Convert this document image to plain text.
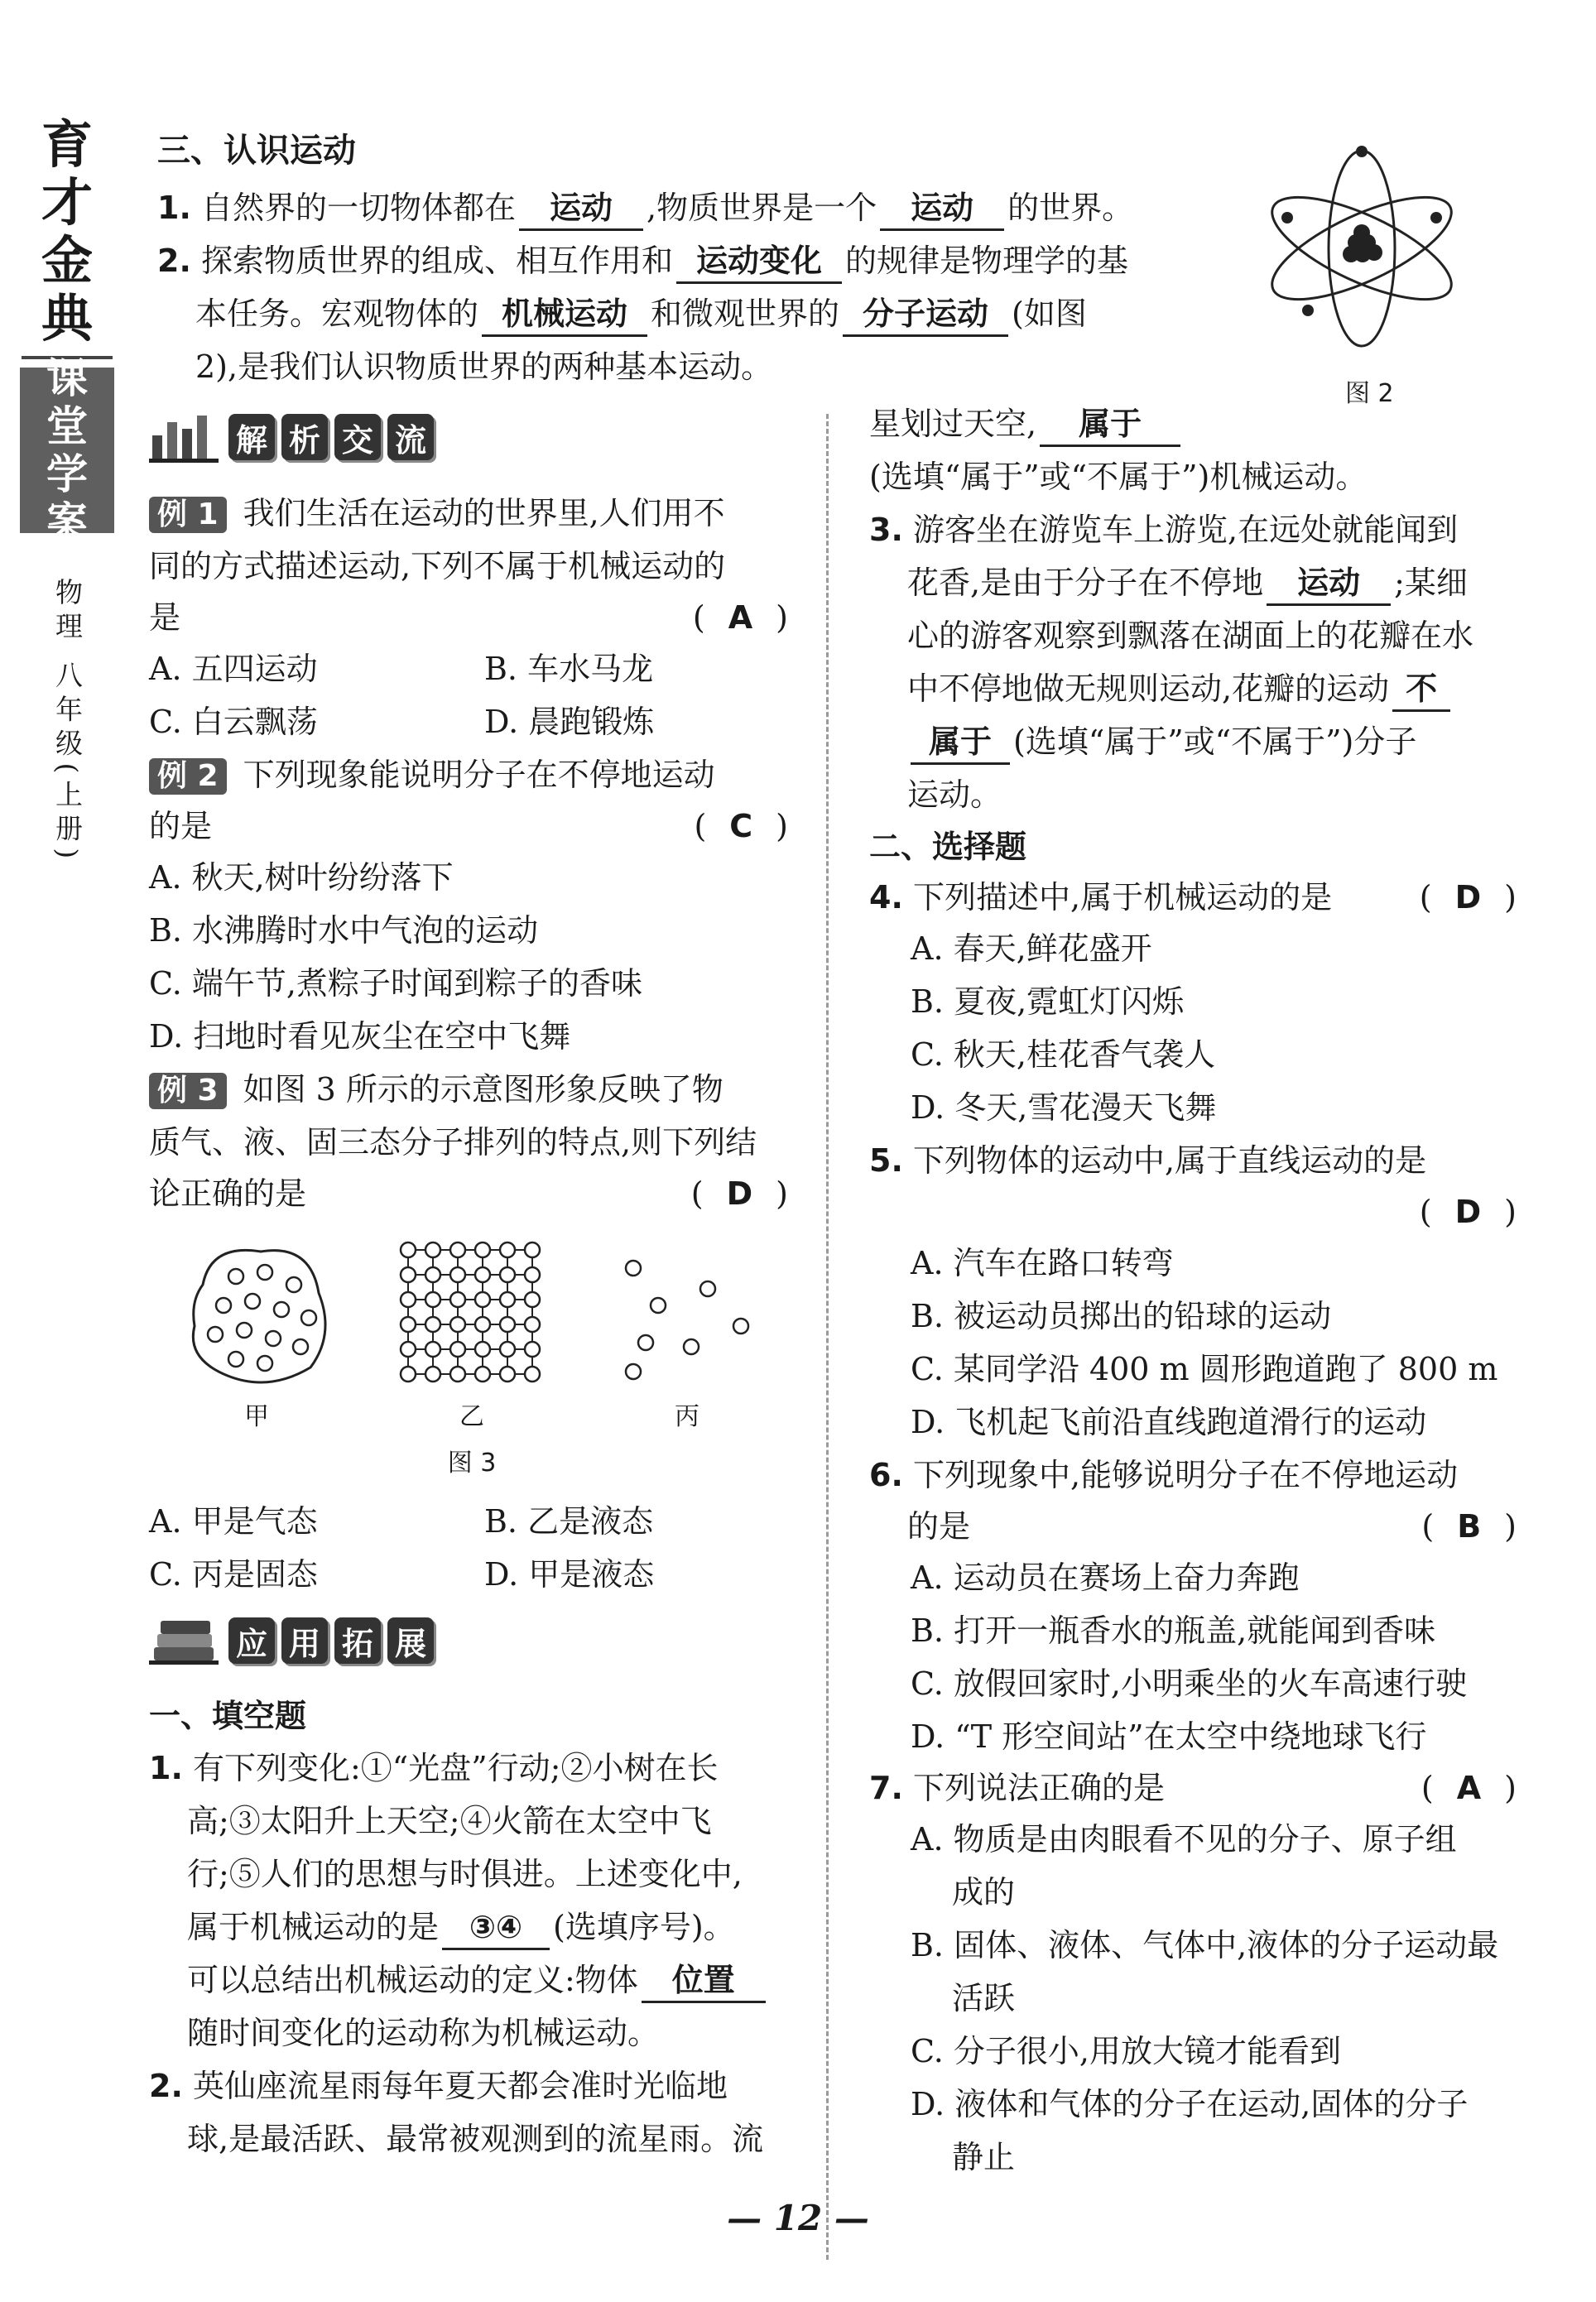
育才金典
课堂学案
物理 八年级(上册)
三、认识运动
1. 自然界的一切物体都在 运动 ,物质世界是一个 运动 的世界。
2. 探索物质世界的组成、相互作用和 运动变化 的规律是物理学的基
本任务。宏观物体的 机械运动 和微观世界的 分子运动 (如图
2),是我们认识物质世界的两种基本运动。
图 2
解 析 交 流
例 1 我们生活在运动的世界里,人们用不
同的方式描述运动,下列不属于机械运动的
是	( A )
A. 五四运动	B. 车水马龙
C. 白云飘荡	D. 晨跑锻炼
例 2 下列现象能说明分子在不停地运动
的是	( C )
A. 秋天,树叶纷纷落下
B. 水沸腾时水中气泡的运动
C. 端午节,煮粽子时闻到粽子的香味
D. 扫地时看见灰尘在空中飞舞
例 3 如图 3 所示的示意图形象反映了物
质气、液、固三态分子排列的特点,则下列结
论正确的是	( D )
甲	乙	丙
图 3
A. 甲是气态	B. 乙是液态
C. 丙是固态	D. 甲是液态
应 用 拓 展
一、填空题
1. 有下列变化:①“光盘”行动;②小树在长
高;③太阳升上天空;④火箭在太空中飞
行;⑤人们的思想与时俱进。上述变化中,
属于机械运动的是 ③④ (选填序号)。
可以总结出机械运动的定义:物体 位置
随时间变化的运动称为机械运动。
2. 英仙座流星雨每年夏天都会准时光临地
球,是最活跃、最常被观测到的流星雨。流
星划过天空, 属于
(选填“属于”或“不属于”)机械运动。
3. 游客坐在游览车上游览,在远处就能闻到
花香,是由于分子在不停地 运动 ;某细
心的游客观察到飘落在湖面上的花瓣在水
中不停地做无规则运动,花瓣的运动 不
属于 (选填“属于”或“不属于”)分子
运动。
二、选择题
4. 下列描述中,属于机械运动的是	( D )
A. 春天,鲜花盛开
B. 夏夜,霓虹灯闪烁
C. 秋天,桂花香气袭人
D. 冬天,雪花漫天飞舞
5. 下列物体的运动中,属于直线运动的是
( D )
A. 汽车在路口转弯
B. 被运动员掷出的铅球的运动
C. 某同学沿 400 m 圆形跑道跑了 800 m
D. 飞机起飞前沿直线跑道滑行的运动
6. 下列现象中,能够说明分子在不停地运动
的是	( B )
A. 运动员在赛场上奋力奔跑
B. 打开一瓶香水的瓶盖,就能闻到香味
C. 放假回家时,小明乘坐的火车高速行驶
D. “T 形空间站”在太空中绕地球飞行
7. 下列说法正确的是	( A )
A. 物质是由肉眼看不见的分子、原子组
成的
B. 固体、液体、气体中,液体的分子运动最
活跃
C. 分子很小,用放大镜才能看到
D. 液体和气体的分子在运动,固体的分子
静止
— 12 —
